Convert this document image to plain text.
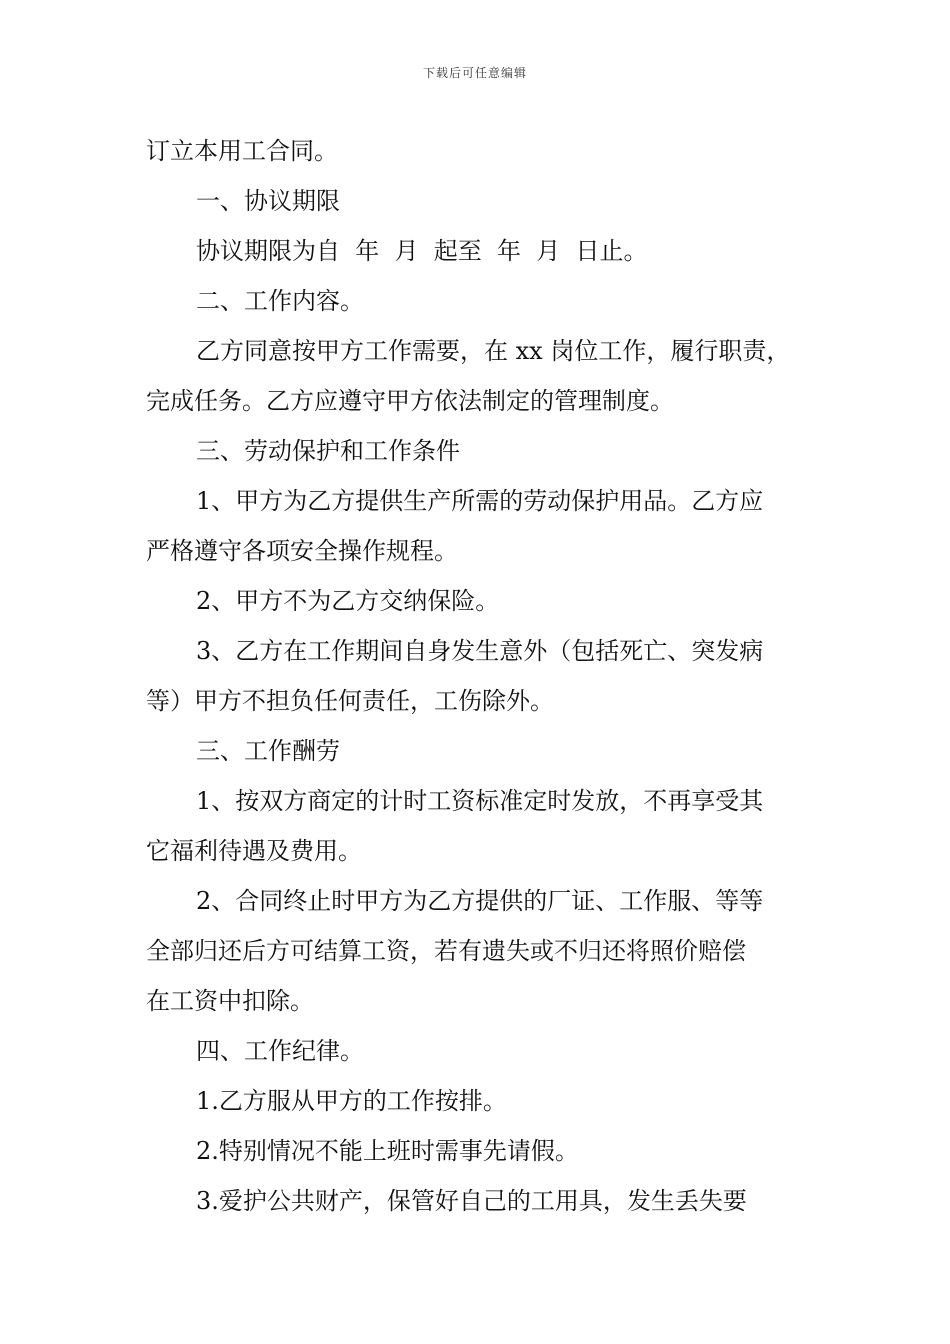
下载后可任意编辑
订立本用工合同。
一、协议期限
协议期限为自  年  月  起至  年  月  日止。
二、工作内容。
乙方同意按甲方工作需要，在 xx 岗位工作，履行职责，
完成任务。乙方应遵守甲方依法制定的管理制度。
三、劳动保护和工作条件
1、甲方为乙方提供生产所需的劳动保护用品。乙方应
严格遵守各项安全操作规程。
2、甲方不为乙方交纳保险。
3、乙方在工作期间自身发生意外（包括死亡、突发病
等）甲方不担负任何责任，工伤除外。
三、工作酬劳
1、按双方商定的计时工资标准定时发放，不再享受其
它福利待遇及费用。
2、合同终止时甲方为乙方提供的厂证、工作服、等等
全部归还后方可结算工资，若有遗失或不归还将照价赔偿
在工资中扣除。
四、工作纪律。
1.乙方服从甲方的工作按排。
2.特别情况不能上班时需事先请假。
3.爱护公共财产，保管好自己的工用具，发生丢失要
